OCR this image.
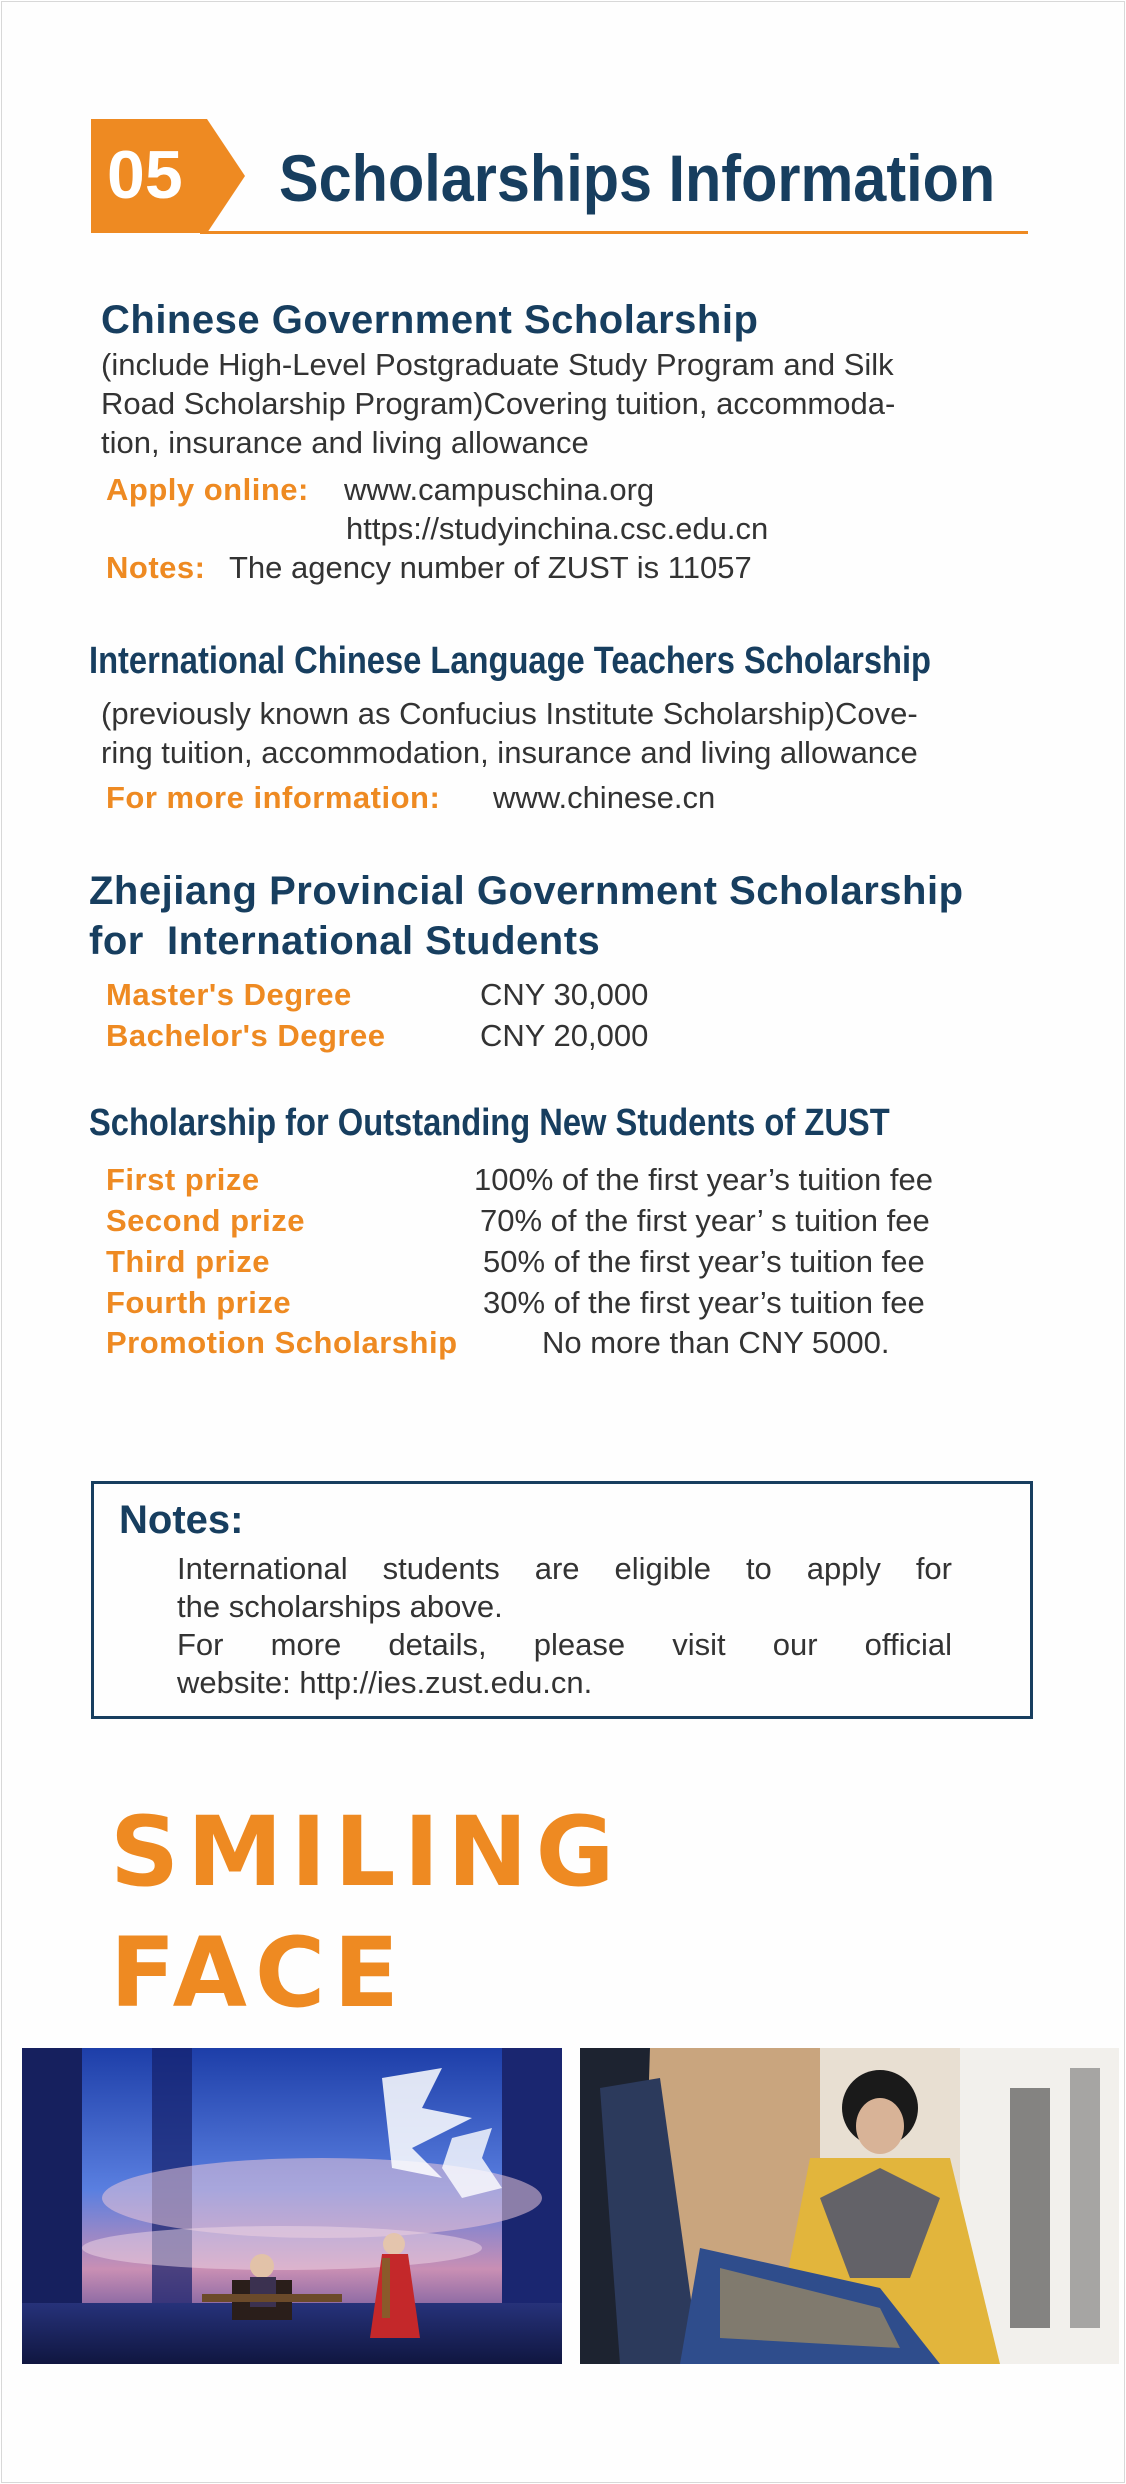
05 Scholarships Information
Chinese Government Scholarship
(include High-Level Postgraduate Study Program and Silk
Road Scholarship Program)Covering tuition, accommoda-
tion, insurance and living allowance
Apply online: www.campuschina.org
https://studyinchina.csc.edu.cn
Notes: The agency number of ZUST is 11057
International Chinese Language Teachers Scholarship
(previously known as Confucius Institute Scholarship)Cove-
ring tuition, accommodation, insurance and living allowance
For more information: www.chinese.cn
Zhejiang Provincial Government Scholarship
for  International Students
Master's Degree	CNY 30,000
Bachelor's Degree	CNY 20,000
Scholarship for Outstanding New Students of ZUST
First prize	100% of the first year’s tuition fee
Second prize	70% of the first year’ s tuition fee
Third prize	50% of the first year’s tuition fee
Fourth prize	30% of the first year’s tuition fee
Promotion Scholarship	No more than CNY 5000.
Notes:
International students are eligible to apply for
the scholarships above.
For more details, please visit our official
website: http://ies.zust.edu.cn.
SMILING
FACE
